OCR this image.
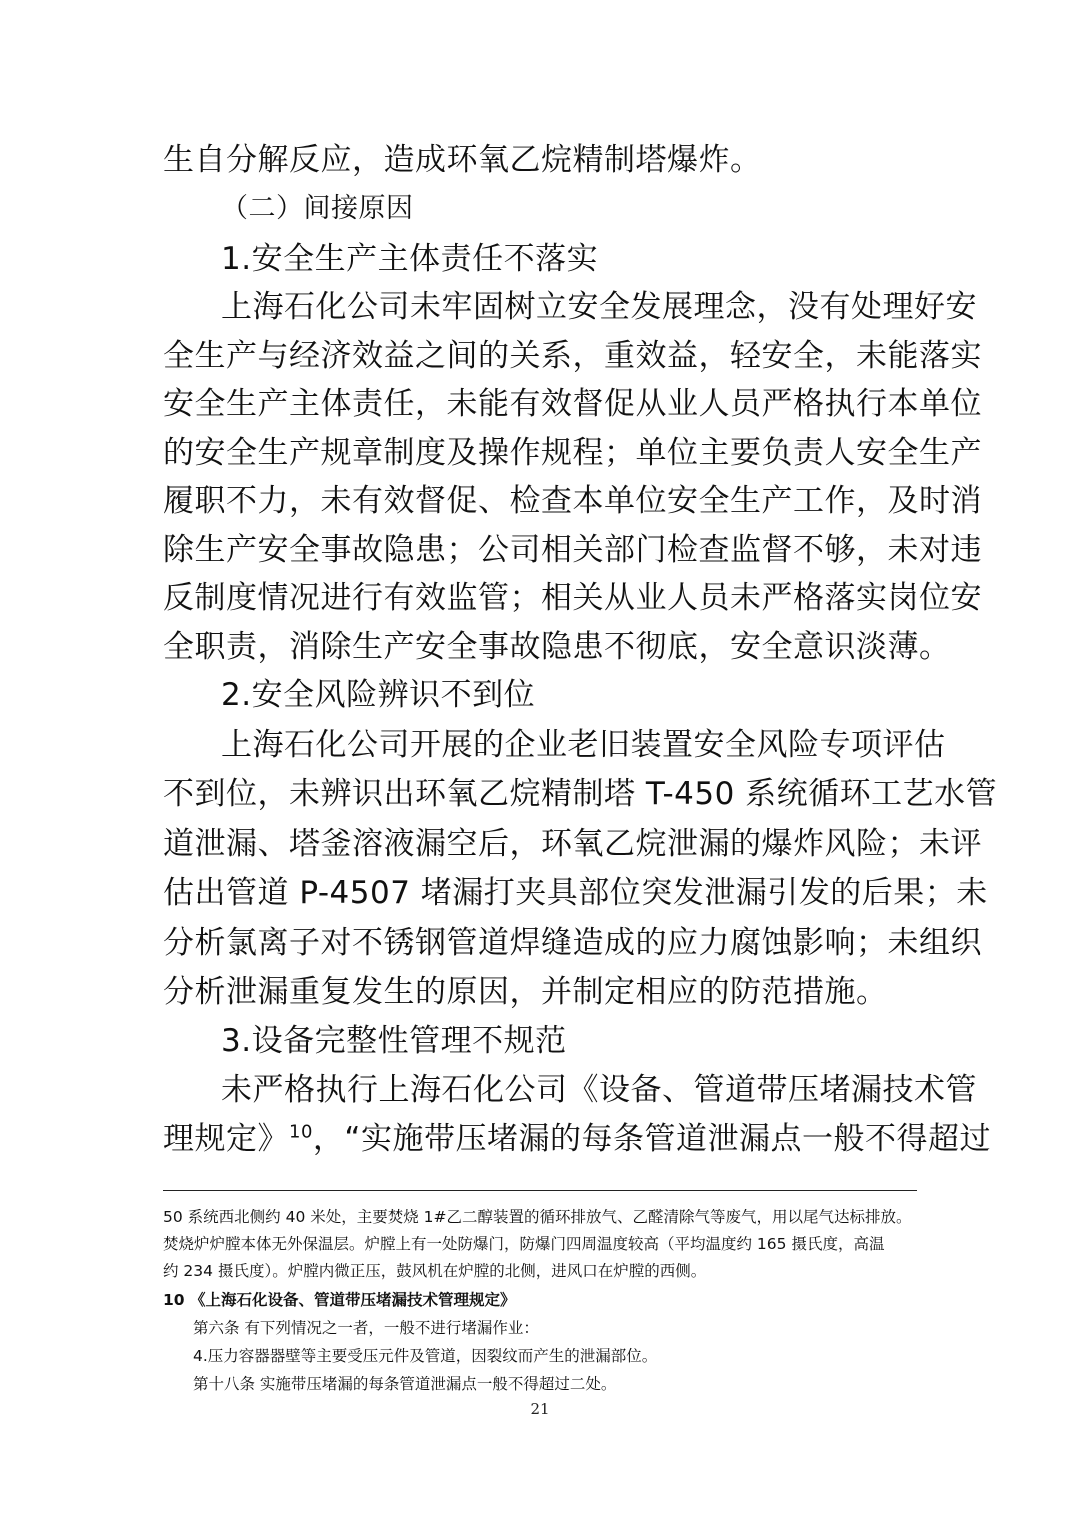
生自分解反应，造成环氧乙烷精制塔爆炸。
（二）间接原因
1.安全生产主体责任不落实
上海石化公司未牢固树立安全发展理念，没有处理好安
全生产与经济效益之间的关系，重效益，轻安全，未能落实
安全生产主体责任，未能有效督促从业人员严格执行本单位
的安全生产规章制度及操作规程；单位主要负责人安全生产
履职不力，未有效督促、检查本单位安全生产工作，及时消
除生产安全事故隐患；公司相关部门检查监督不够，未对违
反制度情况进行有效监管；相关从业人员未严格落实岗位安
全职责，消除生产安全事故隐患不彻底，安全意识淡薄。
2.安全风险辨识不到位
上海石化公司开展的企业老旧装置安全风险专项评估
不到位，未辨识出环氧乙烷精制塔 T-450 系统循环工艺水管
道泄漏、塔釜溶液漏空后，环氧乙烷泄漏的爆炸风险；未评
估出管道 P-4507 堵漏打夹具部位突发泄漏引发的后果；未
分析氯离子对不锈钢管道焊缝造成的应力腐蚀影响；未组织
分析泄漏重复发生的原因，并制定相应的防范措施。
3.设备完整性管理不规范
未严格执行上海石化公司《设备、管道带压堵漏技术管
理规定》$^{10}$，“实施带压堵漏的每条管道泄漏点一般不得超过
50 系统西北侧约 40 米处，主要焚烧 1#乙二醇装置的循环排放气、乙醛清除气等废气，用以尾气达标排放。
焚烧炉炉膛本体无外保温层。炉膛上有一处防爆门，防爆门四周温度较高（平均温度约 165 摄氏度，高温
约 234 摄氏度）。炉膛内微正压，鼓风机在炉膛的北侧，进风口在炉膛的西侧。
10 《上海石化设备、管道带压堵漏技术管理规定》
第六条 有下列情况之一者，一般不进行堵漏作业：
4.压力容器器壁等主要受压元件及管道，因裂纹而产生的泄漏部位。
第十八条 实施带压堵漏的每条管道泄漏点一般不得超过二处。
21
